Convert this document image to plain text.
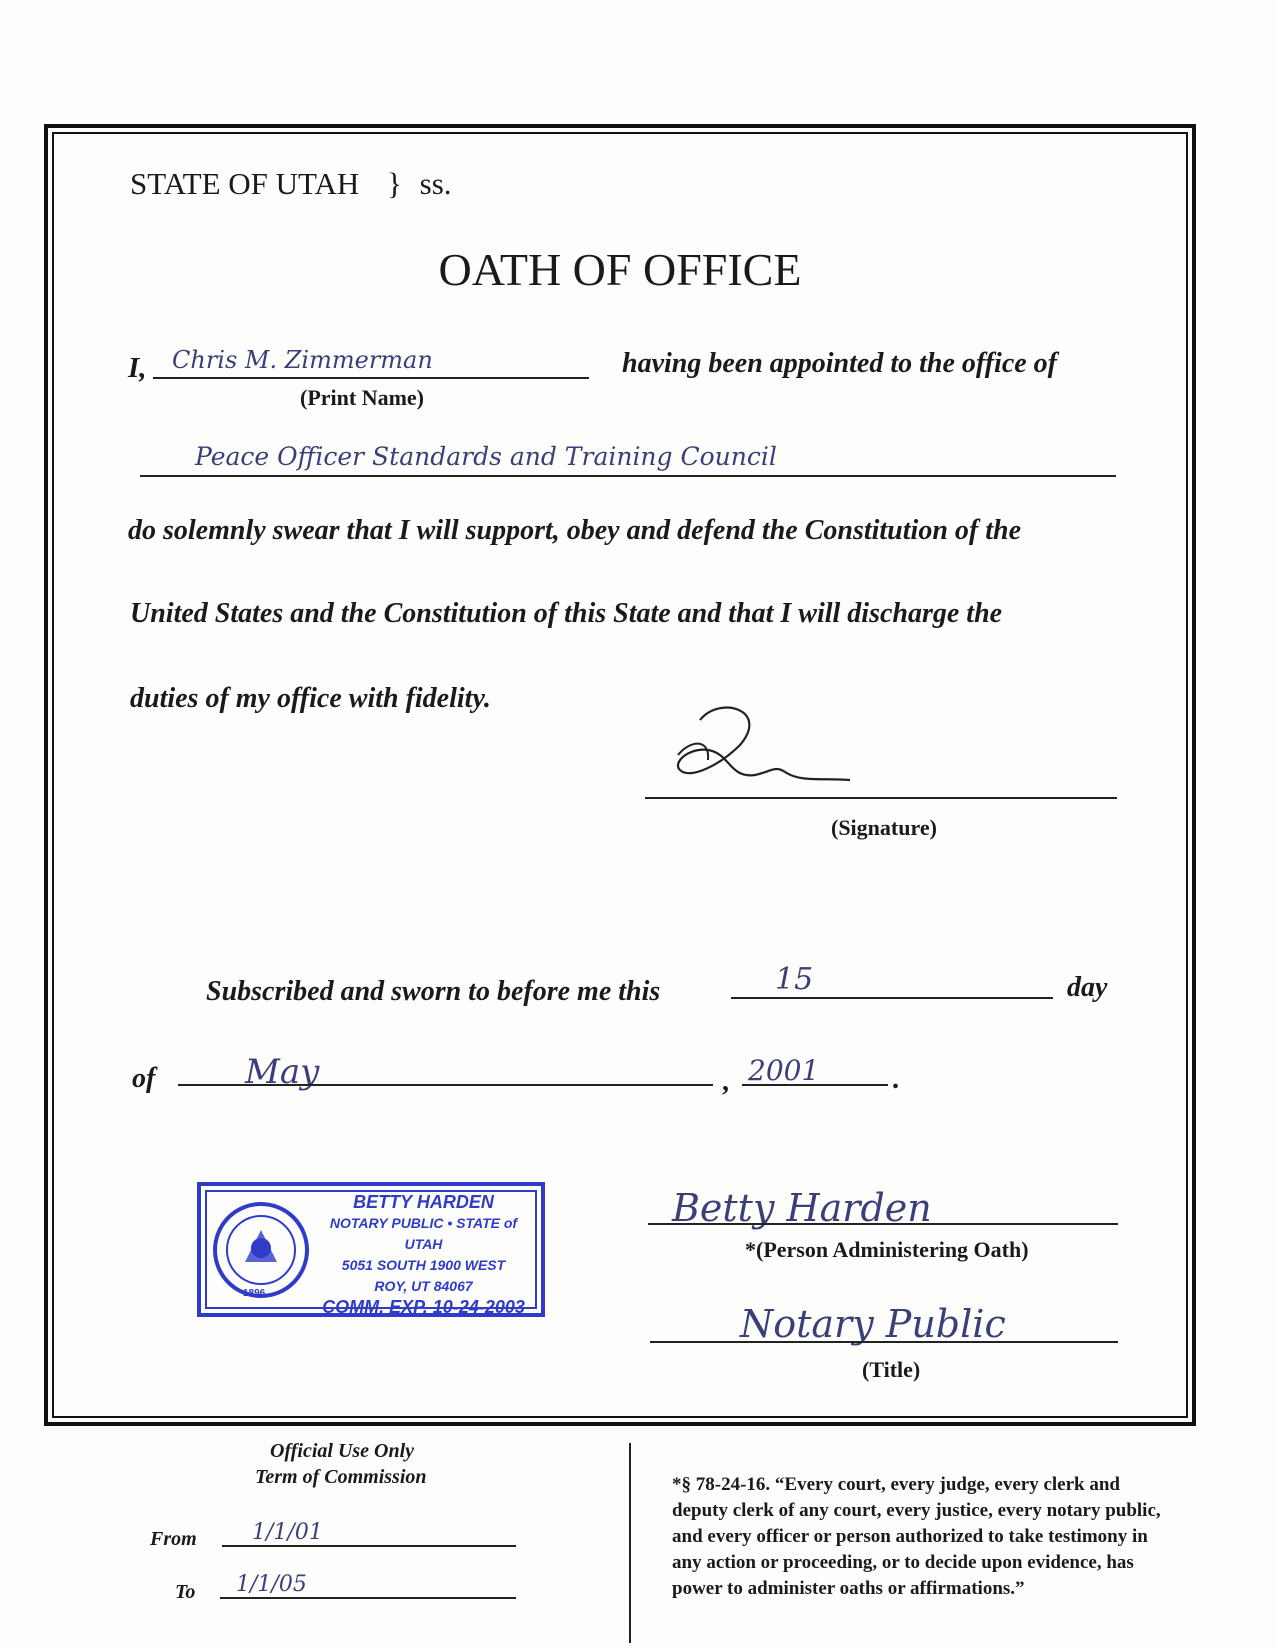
STATE OF UTAH } ss.
OATH OF OFFICE
I, Chris M. Zimmerman
(Print Name)
having been appointed to the office of
Peace Officer Standards and Training Council
do solemnly swear that I will support, obey and defend the Constitution of the
United States and the Constitution of this State and that I will discharge the
duties of my office with fidelity.
(Signature)
Subscribed and sworn to before me this	15	day
of	May	, 2001	.
1896
BETTY HARDEN
NOTARY PUBLIC • STATE of UTAH
5051 SOUTH 1900 WEST
ROY, UT 84067
COMM. EXP. 10-24-2003
Betty Harden
*(Person Administering Oath)
Notary Public
(Title)
Official Use Only
Term of Commission
From	1/1/01
To 1/1/05
*§ 78-24-16. “Every court, every judge, every clerk and
deputy clerk of any court, every justice, every notary public,
and every officer or person authorized to take testimony in
any action or proceeding, or to decide upon evidence, has
power to administer oaths or affirmations.”
